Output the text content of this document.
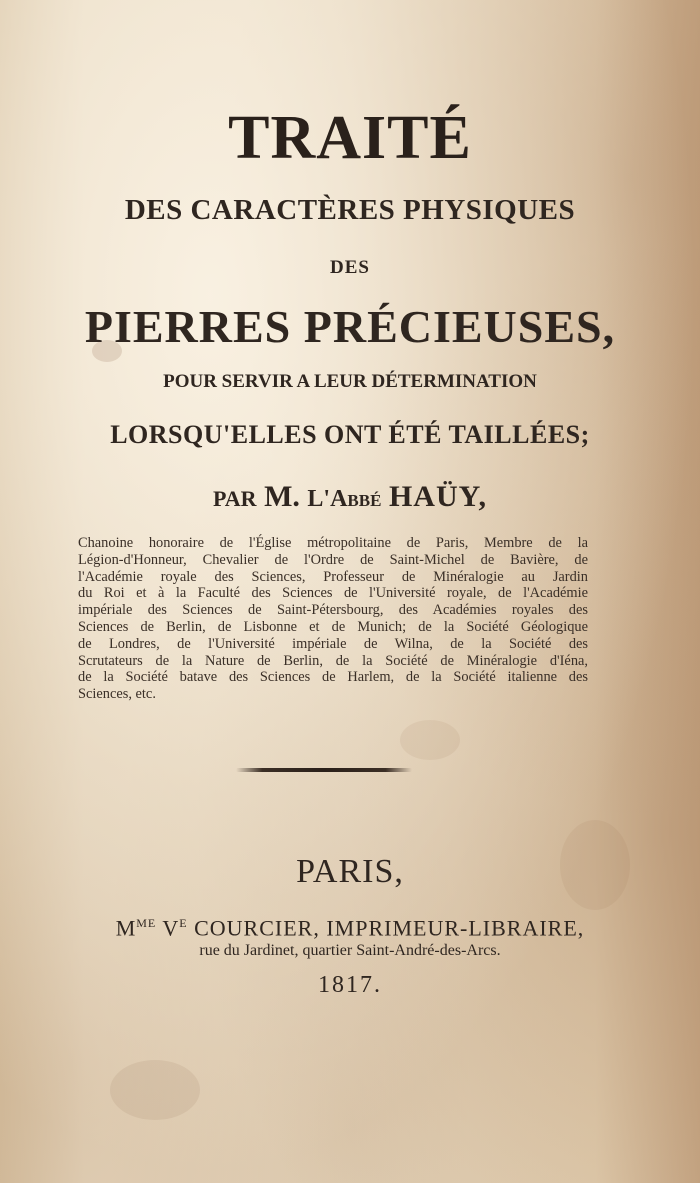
TRAITÉ
DES CARACTÈRES PHYSIQUES
DES
PIERRES PRÉCIEUSES,
POUR SERVIR A LEUR DÉTERMINATION
LORSQU'ELLES ONT ÉTÉ TAILLÉES;
PAR M. L'Abbé HAÜY,
Chanoine honoraire de l'Église métropolitaine de Paris, Membre de la
Légion-d'Honneur, Chevalier de l'Ordre de Saint-Michel de Bavière, de
l'Académie royale des Sciences, Professeur de Minéralogie au Jardin
du Roi et à la Faculté des Sciences de l'Université royale, de l'Académie
impériale des Sciences de Saint-Pétersbourg, des Académies royales des
Sciences de Berlin, de Lisbonne et de Munich; de la Société Géologique
de Londres, de l'Université impériale de Wilna, de la Société des
Scrutateurs de la Nature de Berlin, de la Société de Minéralogie d'Iéna,
de la Société batave des Sciences de Harlem, de la Société italienne des
Sciences, etc.
PARIS,
$M^{ME}$ $V^E$ COURCIER, IMPRIMEUR-LIBRAIRE,
rue du Jardinet, quartier Saint-André-des-Arcs.
1817.
